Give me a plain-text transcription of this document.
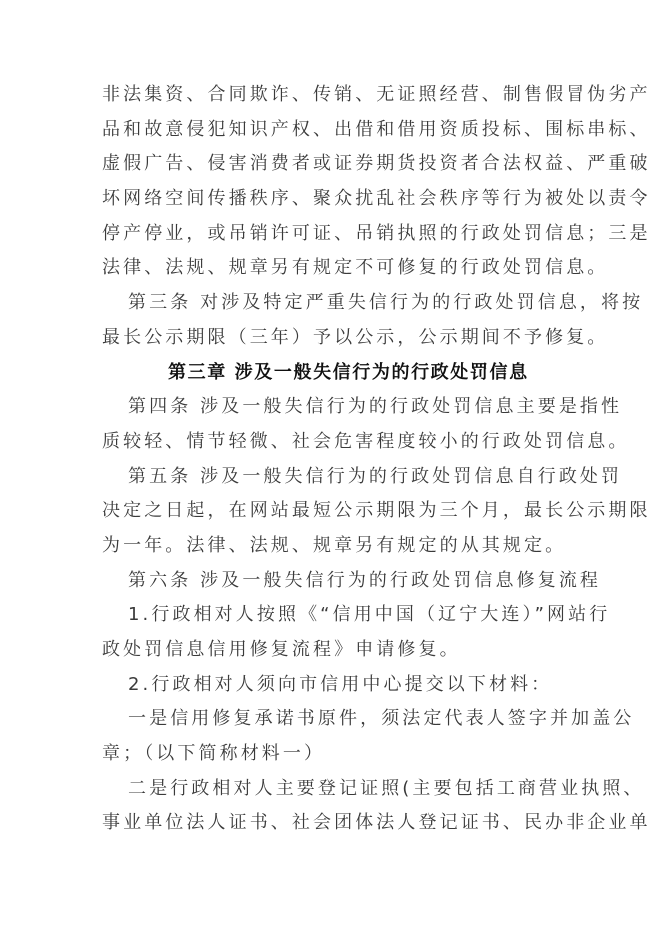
非法集资、合同欺诈、传销、无证照经营、制售假冒伪劣产
品和故意侵犯知识产权、出借和借用资质投标、围标串标、
虚假广告、侵害消费者或证券期货投资者合法权益、严重破
坏网络空间传播秩序、聚众扰乱社会秩序等行为被处以责令
停产停业，或吊销许可证、吊销执照的行政处罚信息；三是
法律、法规、规章另有规定不可修复的行政处罚信息。
第三条 对涉及特定严重失信行为的行政处罚信息，将按
最长公示期限（三年）予以公示，公示期间不予修复。
第三章 涉及一般失信行为的行政处罚信息
第四条 涉及一般失信行为的行政处罚信息主要是指性
质较轻、情节轻微、社会危害程度较小的行政处罚信息。
第五条 涉及一般失信行为的行政处罚信息自行政处罚
决定之日起，在网站最短公示期限为三个月，最长公示期限
为一年。法律、法规、规章另有规定的从其规定。
第六条 涉及一般失信行为的行政处罚信息修复流程
1.行政相对人按照《“信用中国（辽宁大连）”网站行
政处罚信息信用修复流程》申请修复。
2.行政相对人须向市信用中心提交以下材料：
一是信用修复承诺书原件，须法定代表人签字并加盖公
章；（以下简称材料一）
二是行政相对人主要登记证照(主要包括工商营业执照、
事业单位法人证书、社会团体法人登记证书、民办非企业单
